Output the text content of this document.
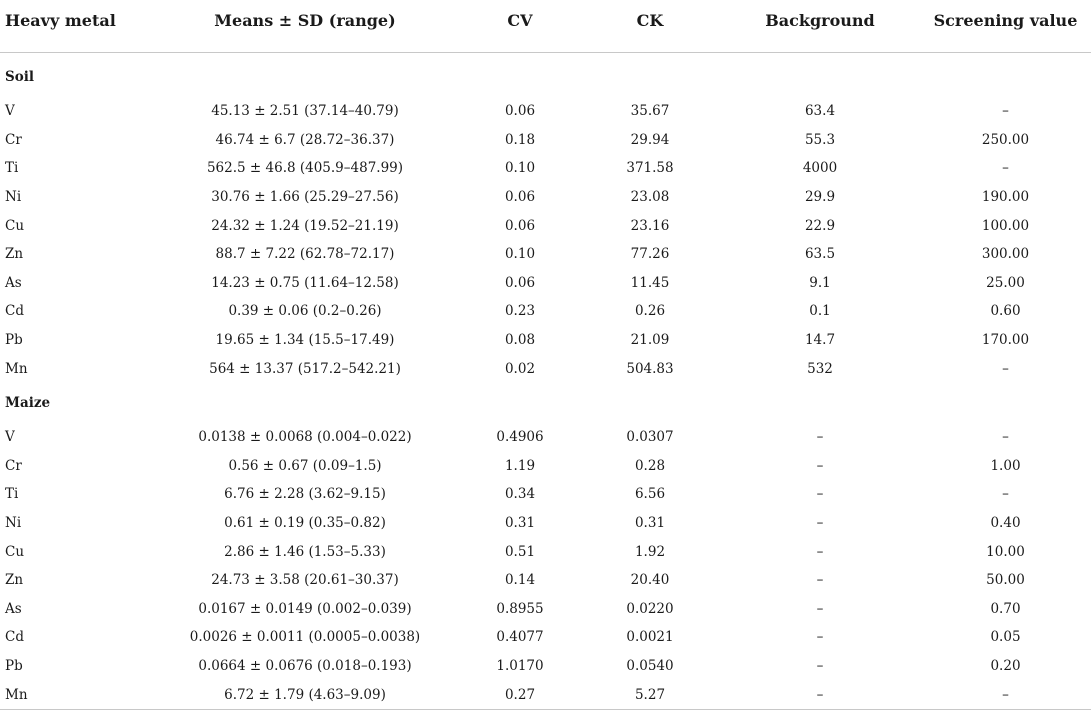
Heavy metal	Means ± SD (range)	CV	CK	Background	Screening value
Soil					
V	45.13 ± 2.51 (37.14–40.79)	0.06	35.67	63.4	–
Cr	46.74 ± 6.7 (28.72–36.37)	0.18	29.94	55.3	250.00
Ti	562.5 ± 46.8 (405.9–487.99)	0.10	371.58	4000	–
Ni	30.76 ± 1.66 (25.29–27.56)	0.06	23.08	29.9	190.00
Cu	24.32 ± 1.24 (19.52–21.19)	0.06	23.16	22.9	100.00
Zn	88.7 ± 7.22 (62.78–72.17)	0.10	77.26	63.5	300.00
As	14.23 ± 0.75 (11.64–12.58)	0.06	11.45	9.1	25.00
Cd	0.39 ± 0.06 (0.2–0.26)	0.23	0.26	0.1	0.60
Pb	19.65 ± 1.34 (15.5–17.49)	0.08	21.09	14.7	170.00
Mn	564 ± 13.37 (517.2–542.21)	0.02	504.83	532	–
Maize					
V	0.0138 ± 0.0068 (0.004–0.022)	0.4906	0.0307	–	–
Cr	0.56 ± 0.67 (0.09–1.5)	1.19	0.28	–	1.00
Ti	6.76 ± 2.28 (3.62–9.15)	0.34	6.56	–	–
Ni	0.61 ± 0.19 (0.35–0.82)	0.31	0.31	–	0.40
Cu	2.86 ± 1.46 (1.53–5.33)	0.51	1.92	–	10.00
Zn	24.73 ± 3.58 (20.61–30.37)	0.14	20.40	–	50.00
As	0.0167 ± 0.0149 (0.002–0.039)	0.8955	0.0220	–	0.70
Cd	0.0026 ± 0.0011 (0.0005–0.0038)	0.4077	0.0021	–	0.05
Pb	0.0664 ± 0.0676 (0.018–0.193)	1.0170	0.0540	–	0.20
Mn	6.72 ± 1.79 (4.63–9.09)	0.27	5.27	–	–
